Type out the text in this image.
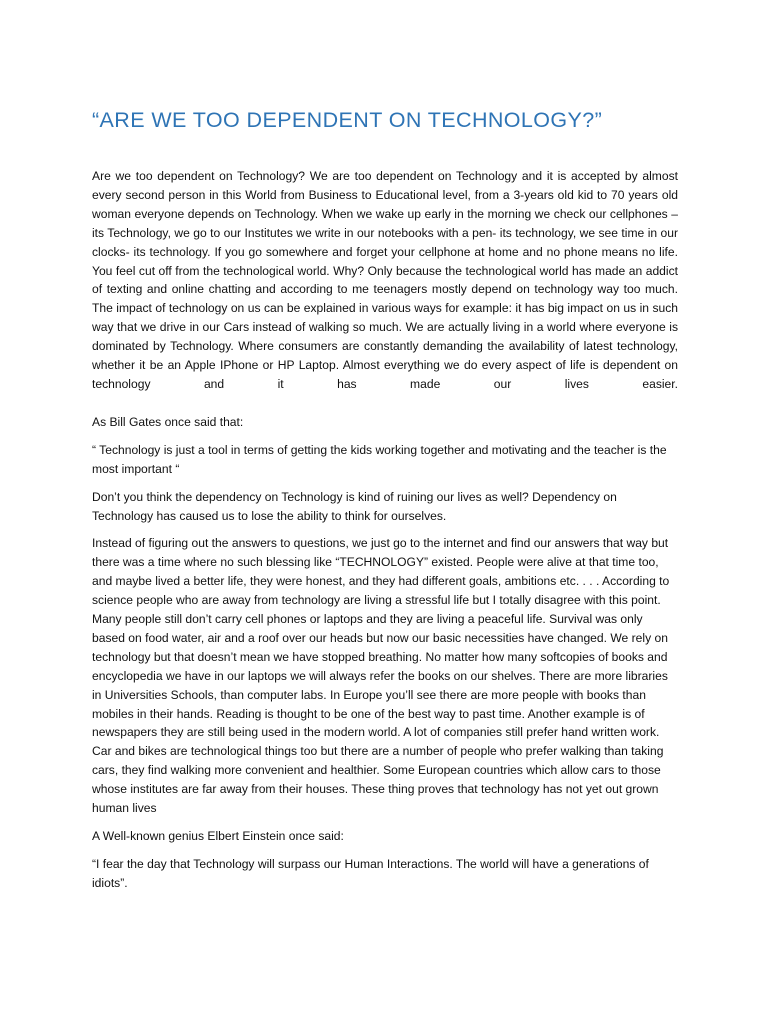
“ARE WE TOO DEPENDENT ON TECHNOLOGY?”

Are we too dependent on Technology? We are too dependent on Technology and it is accepted by almost every second person in this World from Business to Educational level, from a 3-years old kid to 70 years old woman everyone depends on Technology. When we wake up early in the morning we check our cellphones – its Technology, we go to our Institutes we write in our notebooks with a pen- its technology, we see time in our clocks- its technology. If you go somewhere and forget your cellphone at home and no phone means no life. You feel cut off from the technological world. Why? Only because the technological world has made an addict of texting and online chatting and according to me teenagers mostly depend on technology way too much. The impact of technology on us can be explained in various ways for example: it has big impact on us in such way that we drive in our Cars instead of walking so much. We are actually living in a world where everyone is dominated by Technology. Where consumers are constantly demanding the availability of latest technology, whether it be an Apple IPhone or HP Laptop. Almost everything we do every aspect of life is dependent on technology and it has made our lives easier.

As Bill Gates once said that:

“ Technology is just a tool in terms of getting the kids working together and motivating and the teacher is the most important “

Don’t you think the dependency on Technology is kind of ruining our lives as well? Dependency on Technology has caused us to lose the ability to think for ourselves.

Instead of figuring out the answers to questions, we just go to the internet and find our answers that way but there was a time where no such blessing like “TECHNOLOGY” existed. People were alive at that time too, and maybe lived a better life, they were honest, and they had different goals, ambitions etc. . . . According to science people who are away from technology are living a stressful life but I totally disagree with this point. Many people still don’t carry cell phones or laptops and they are living a peaceful life. Survival was only based on food water, air and a roof over our heads but now our basic necessities have changed. We rely on technology but that doesn’t mean we have stopped breathing. No matter how many softcopies of books and encyclopedia we have in our laptops we will always refer the books on our shelves. There are more libraries in Universities Schools, than computer labs. In Europe you’ll see there are more people with books than mobiles in their hands. Reading is thought to be one of the best way to past time. Another example is of newspapers they are still being used in the modern world. A lot of companies still prefer hand written work. Car and bikes are technological things too but there are a number of people who prefer walking than taking cars, they find walking more convenient and healthier. Some European countries which allow cars to those whose institutes are far away from their houses. These thing proves that technology has not yet out grown human lives

A Well-known genius Elbert Einstein once said:

“I fear the day that Technology will surpass our Human Interactions. The world will have a generations of idiots”.
